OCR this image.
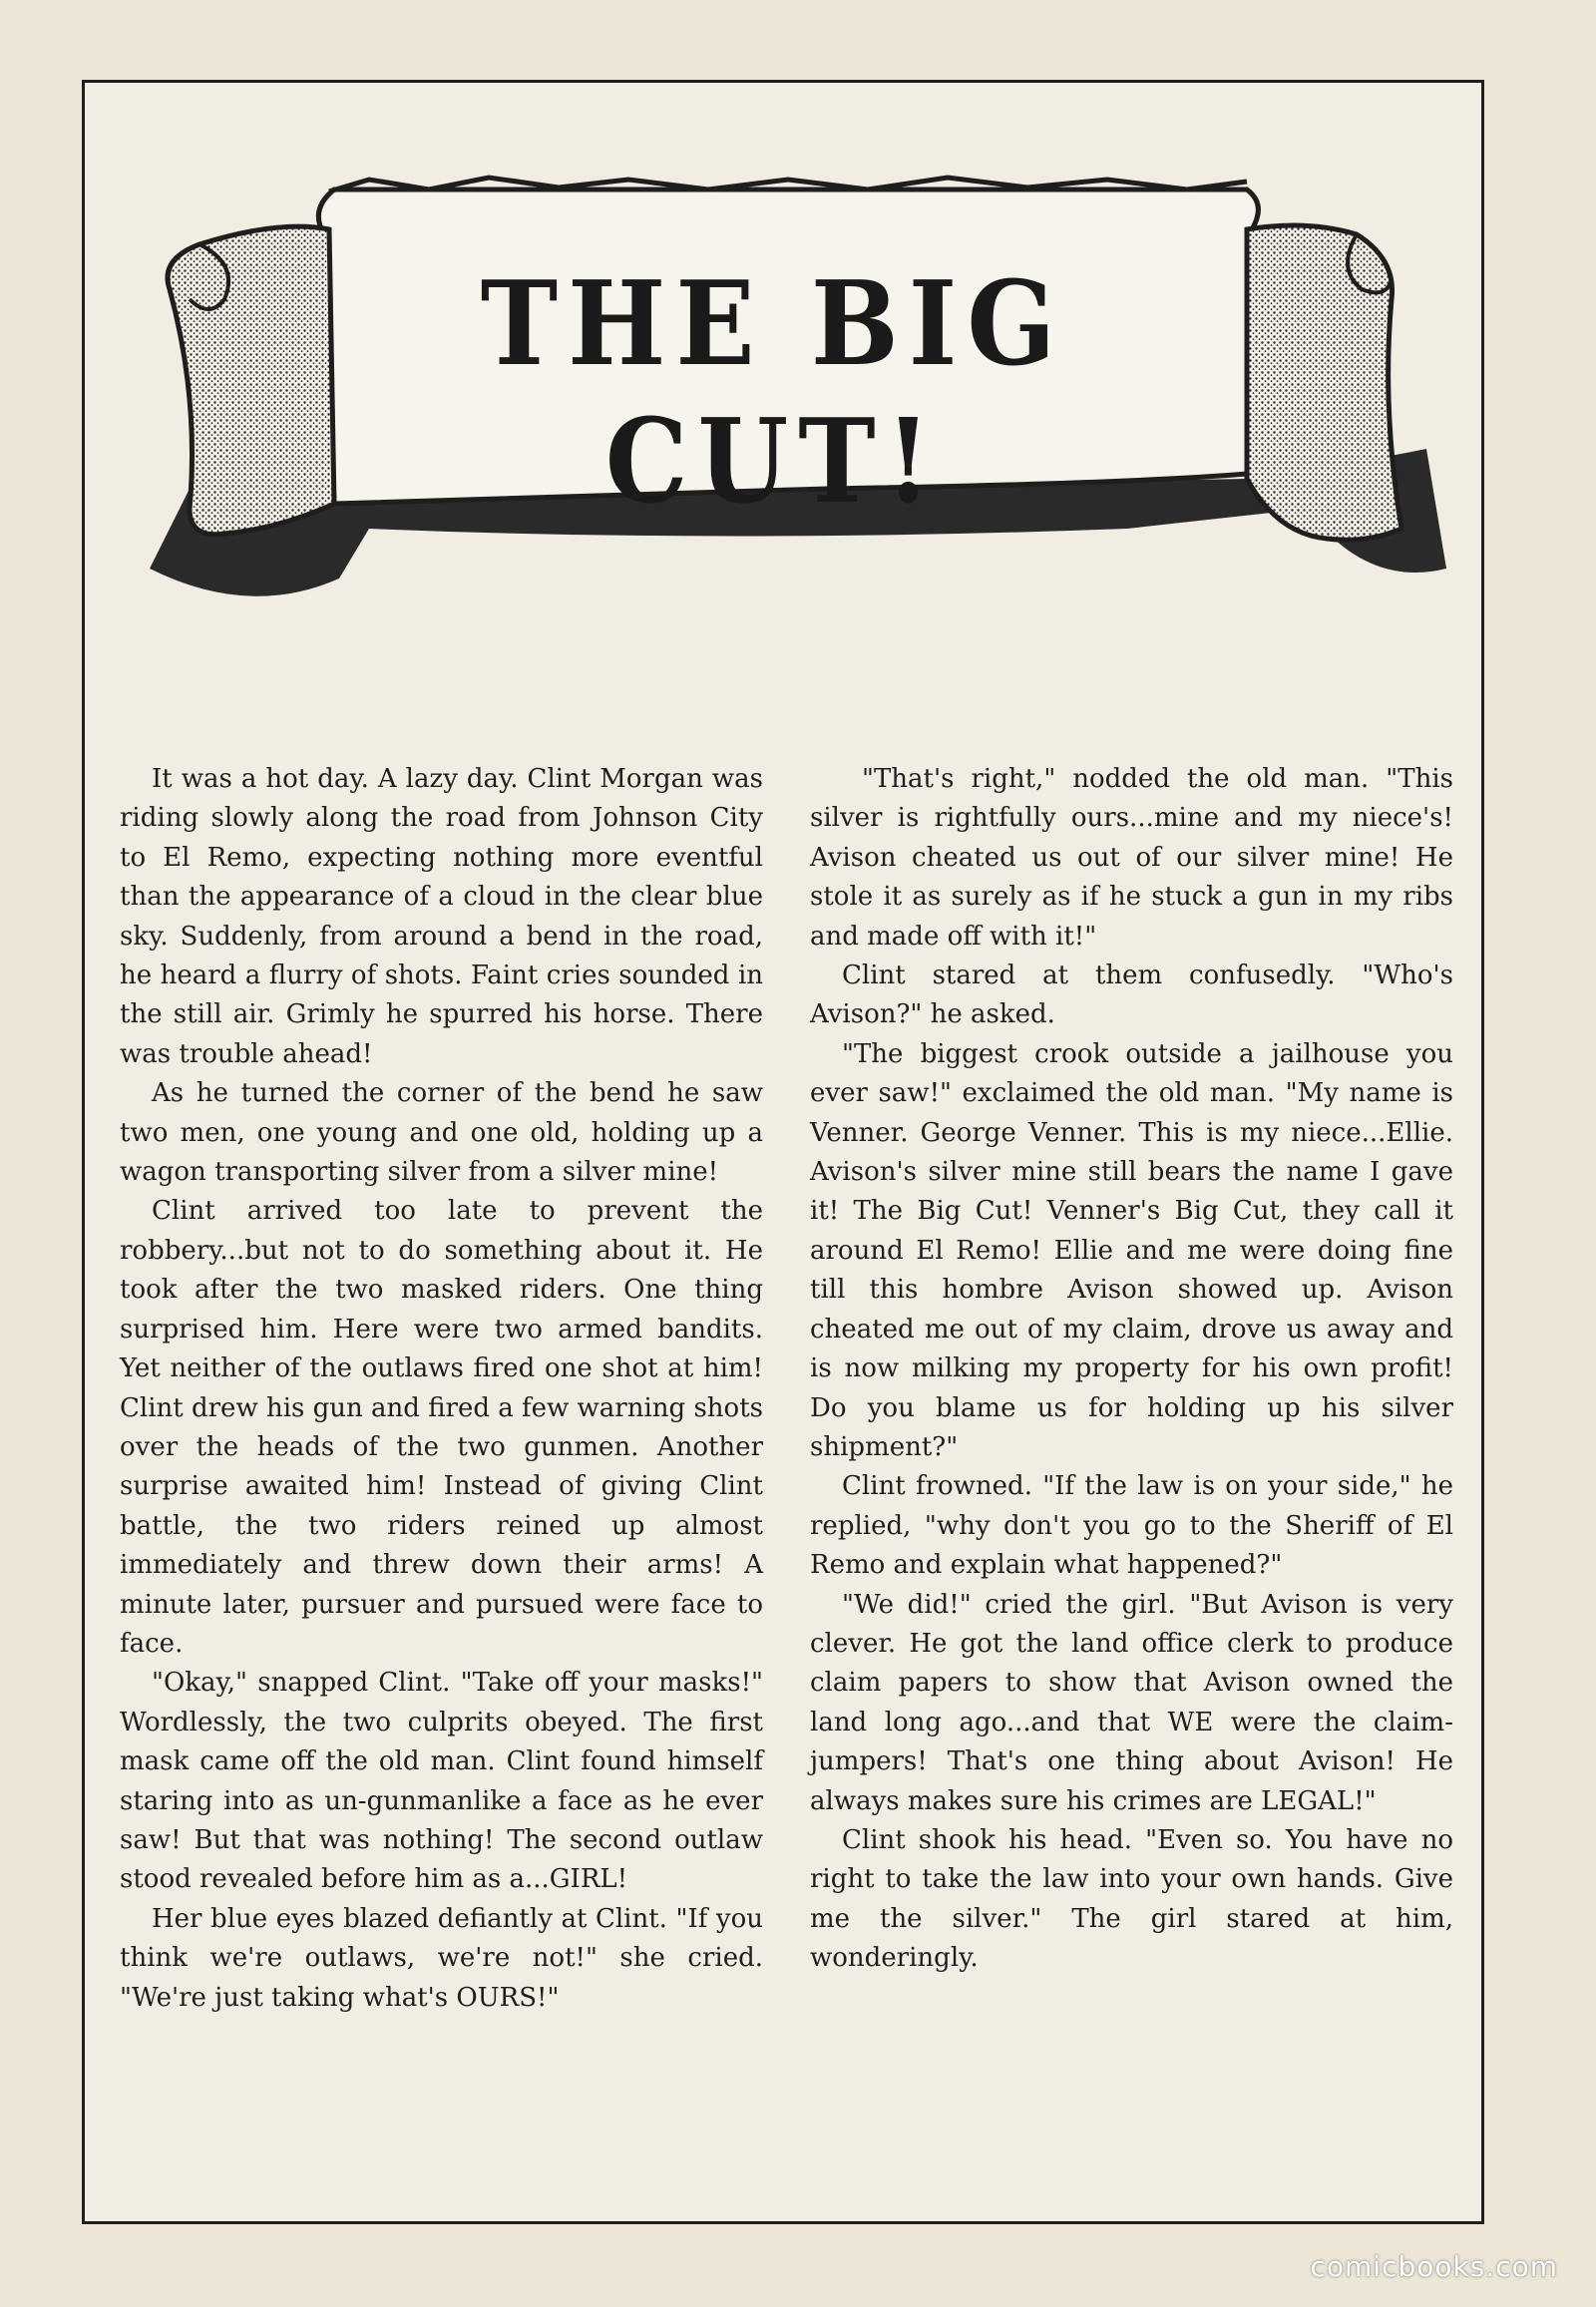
THE BIG CUT!

It was a hot day. A lazy day. Clint Morgan was riding slowly along the road from Johnson City to El Remo, expecting nothing more eventful than the appearance of a cloud in the clear blue sky. Suddenly, from around a bend in the road, he heard a flurry of shots. Faint cries sounded in the still air. Grimly he spurred his horse. There was trouble ahead!

As he turned the corner of the bend he saw two men, one young and one old, holding up a wagon transporting silver from a silver mine!

Clint arrived too late to prevent the robbery...but not to do something about it. He took after the two masked riders. One thing surprised him. Here were two armed bandits. Yet neither of the outlaws fired one shot at him! Clint drew his gun and fired a few warning shots over the heads of the two gunmen. Another surprise awaited him! Instead of giving Clint battle, the two riders reined up almost immediately and threw down their arms! A minute later, pursuer and pursued were face to face.

"Okay," snapped Clint. "Take off your masks!" Wordlessly, the two culprits obeyed. The first mask came off the old man. Clint found himself staring into as un-gunmanlike a face as he ever saw! But that was nothing! The second outlaw stood revealed before him as a...GIRL!

Her blue eyes blazed defiantly at Clint. "If you think we're outlaws, we're not!" she cried. "We're just taking what's OURS!"

"That's right," nodded the old man. "This silver is rightfully ours...mine and my niece's! Avison cheated us out of our silver mine! He stole it as surely as if he stuck a gun in my ribs and made off with it!"

Clint stared at them confusedly. "Who's Avison?" he asked.

"The biggest crook outside a jailhouse you ever saw!" exclaimed the old man. "My name is Venner. George Venner. This is my niece...Ellie. Avison's silver mine still bears the name I gave it! The Big Cut! Venner's Big Cut, they call it around El Remo! Ellie and me were doing fine till this hombre Avison showed up. Avison cheated me out of my claim, drove us away and is now milking my property for his own profit! Do you blame us for holding up his silver shipment?"

Clint frowned. "If the law is on your side," he replied, "why don't you go to the Sheriff of El Remo and explain what happened?"

"We did!" cried the girl. "But Avison is very clever. He got the land office clerk to produce claim papers to show that Avison owned the land long ago...and that WE were the claim-jumpers! That's one thing about Avison! He always makes sure his crimes are LEGAL!"

Clint shook his head. "Even so. You have no right to take the law into your own hands. Give me the silver." The girl stared at him, wonderingly.

comicbooks.com
